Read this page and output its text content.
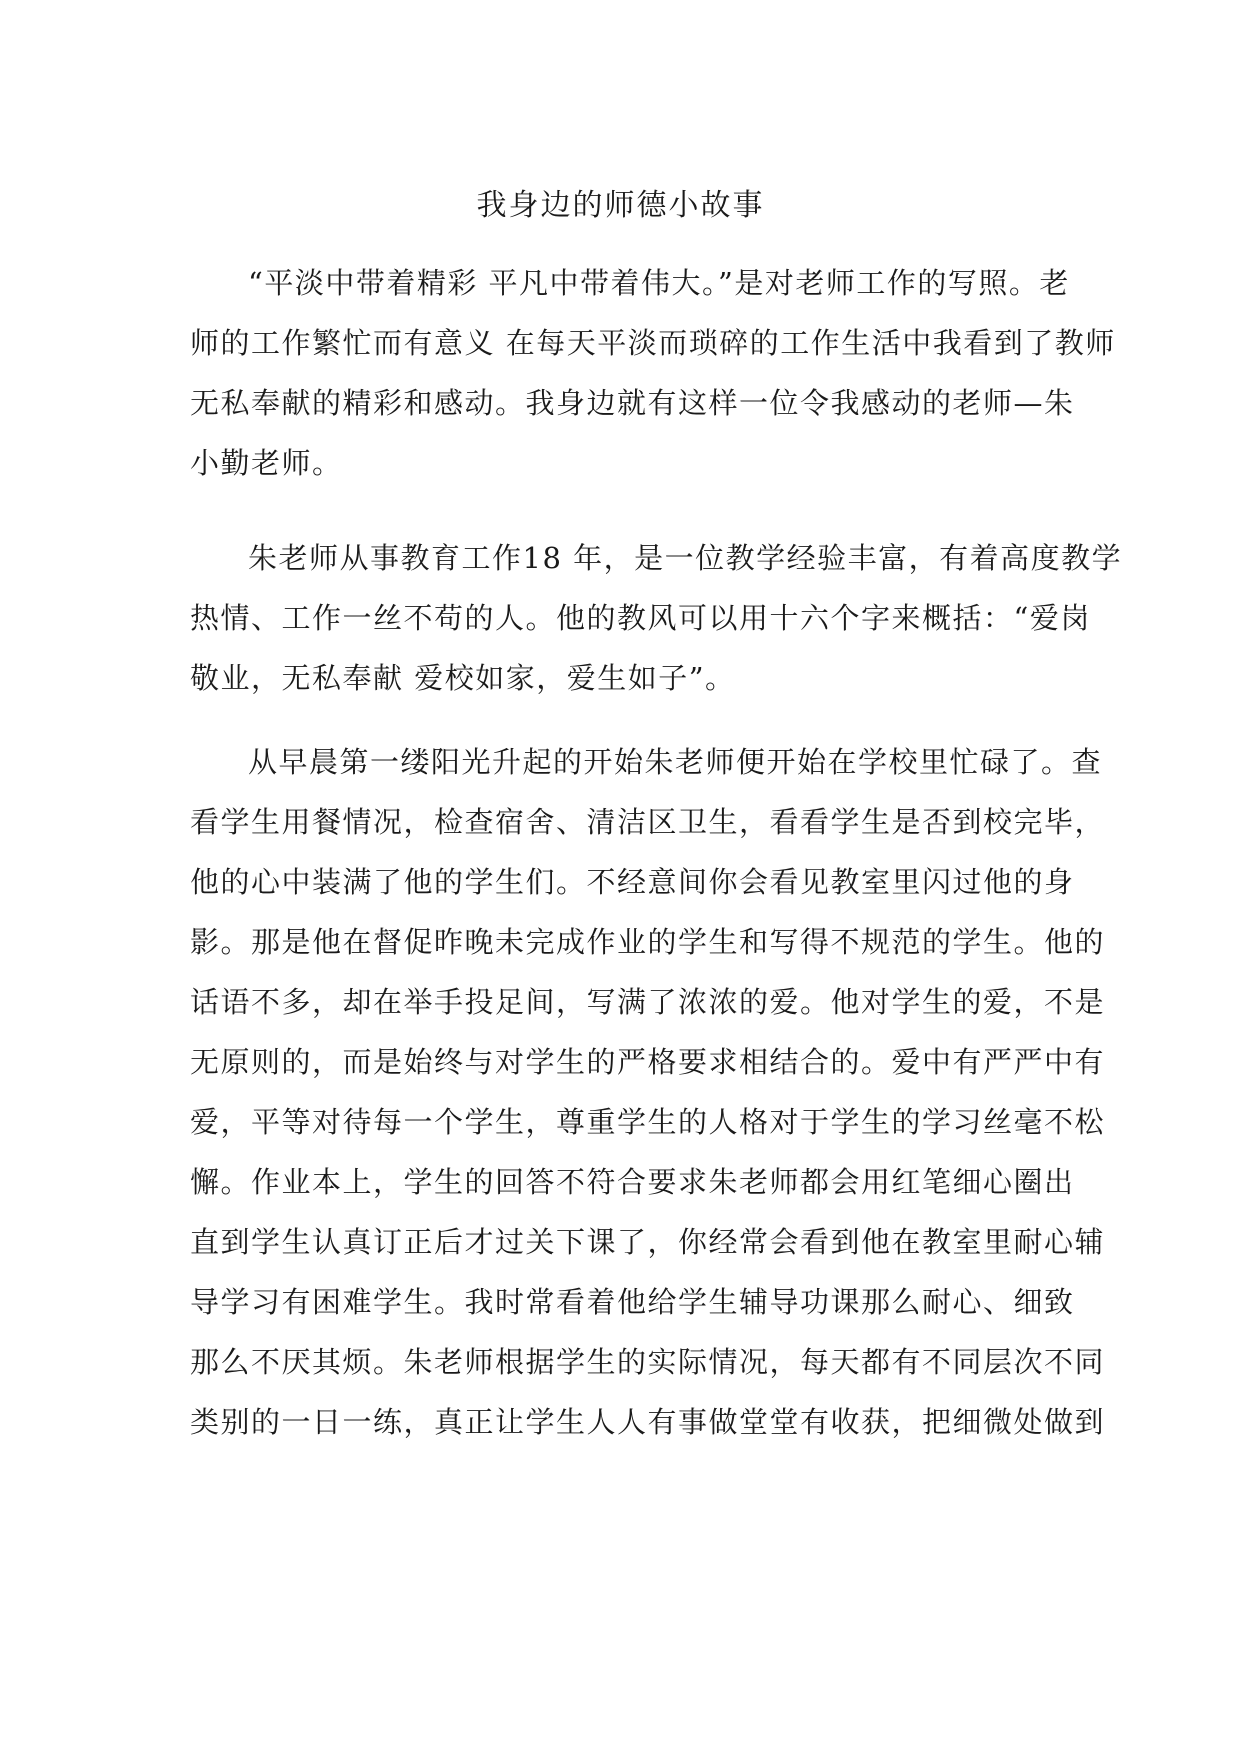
我身边的师德小故事
“平淡中带着精彩 平凡中带着伟大。”是对老师工作的写照。老
师的工作繁忙而有意义 在每天平淡而琐碎的工作生活中我看到了教师
无私奉献的精彩和感动。我身边就有这样一位令我感动的老师—朱
小勤老师。
朱老师从事教育工作18 年，是一位教学经验丰富，有着高度教学
热情、工作一丝不苟的人。他的教风可以用十六个字来概括：“爱岗
敬业，无私奉献 爱校如家，爱生如子”。
从早晨第一缕阳光升起的开始朱老师便开始在学校里忙碌了。查
看学生用餐情况，检查宿舍、清洁区卫生，看看学生是否到校完毕，
他的心中装满了他的学生们。不经意间你会看见教室里闪过他的身
影。那是他在督促昨晚未完成作业的学生和写得不规范的学生。他的
话语不多，却在举手投足间，写满了浓浓的爱。他对学生的爱，不是
无原则的，而是始终与对学生的严格要求相结合的。爱中有严严中有
爱，平等对待每一个学生，尊重学生的人格对于学生的学习丝毫不松
懈。作业本上，学生的回答不符合要求朱老师都会用红笔细心圈出
直到学生认真订正后才过关下课了，你经常会看到他在教室里耐心辅
导学习有困难学生。我时常看着他给学生辅导功课那么耐心、细致
那么不厌其烦。朱老师根据学生的实际情况，每天都有不同层次不同
类别的一日一练，真正让学生人人有事做堂堂有收获，把细微处做到
